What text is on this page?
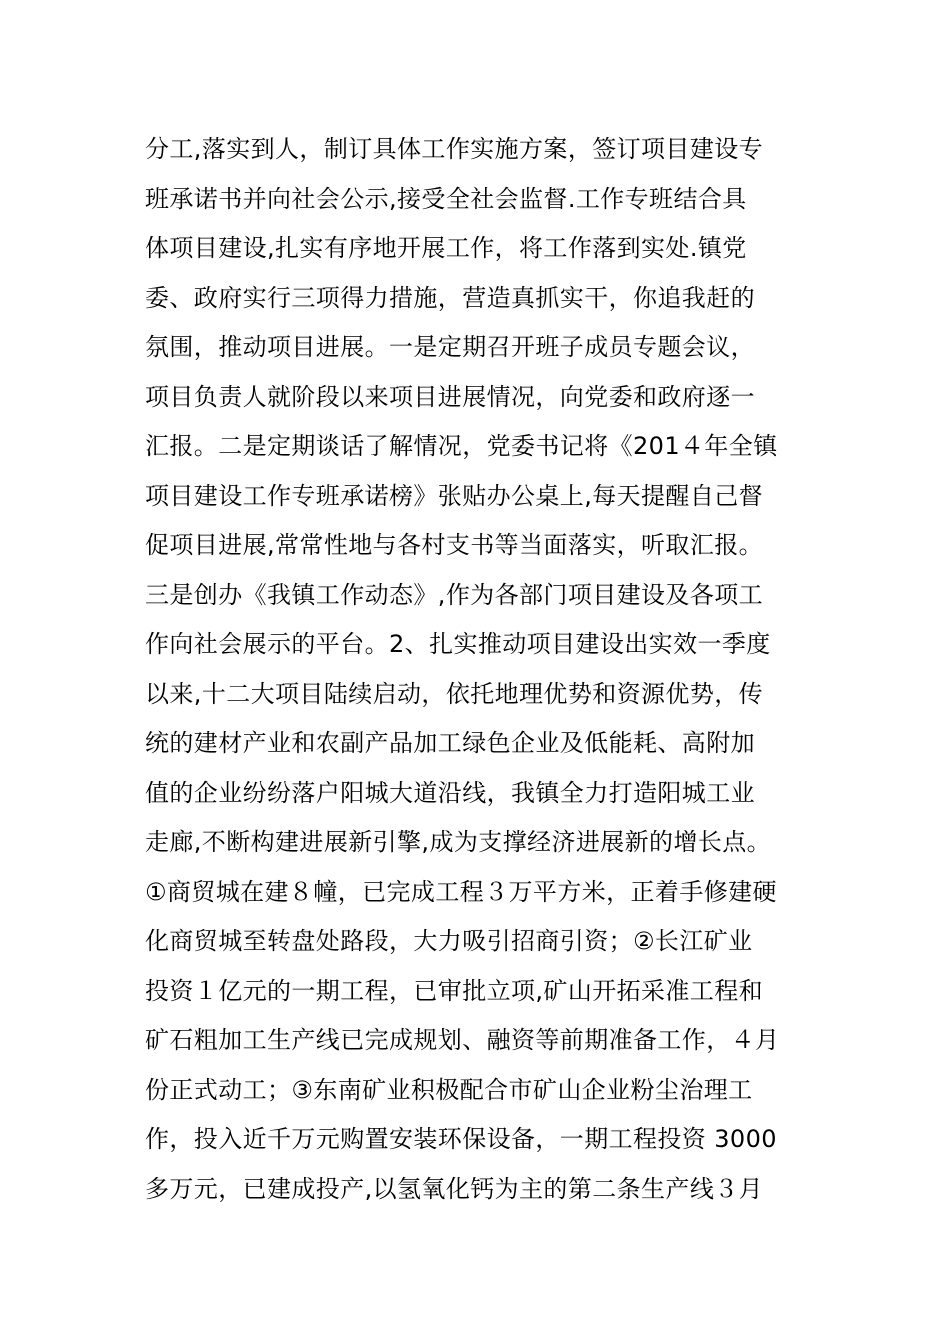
分工,落实到人，制订具体工作实施方案，签订项目建设专
班承诺书并向社会公示,接受全社会监督.工作专班结合具
体项目建设,扎实有序地开展工作，将工作落到实处.镇党
委、政府实行三项得力措施，营造真抓实干，你追我赶的
氛围，推动项目进展。一是定期召开班子成员专题会议，
项目负责人就阶段以来项目进展情况，向党委和政府逐一
汇报。二是定期谈话了解情况，党委书记将《201４年全镇
项目建设工作专班承诺榜》张贴办公桌上,每天提醒自己督
促项目进展,常常性地与各村支书等当面落实，听取汇报。
三是创办《我镇工作动态》,作为各部门项目建设及各项工
作向社会展示的平台。2、扎实推动项目建设出实效一季度
以来,十二大项目陆续启动，依托地理优势和资源优势，传
统的建材产业和农副产品加工绿色企业及低能耗、高附加
值的企业纷纷落户阳城大道沿线，我镇全力打造阳城工业
走廊,不断构建进展新引擎,成为支撑经济进展新的增长点。
①商贸城在建８幢，已完成工程３万平方米，正着手修建硬
化商贸城至转盘处路段，大力吸引招商引资；②长江矿业
投资１亿元的一期工程，已审批立项,矿山开拓采准工程和
矿石粗加工生产线已完成规划、融资等前期准备工作，４月
份正式动工；③东南矿业积极配合市矿山企业粉尘治理工
作，投入近千万元购置安装环保设备，一期工程投资 3000
多万元，已建成投产,以氢氧化钙为主的第二条生产线３月
